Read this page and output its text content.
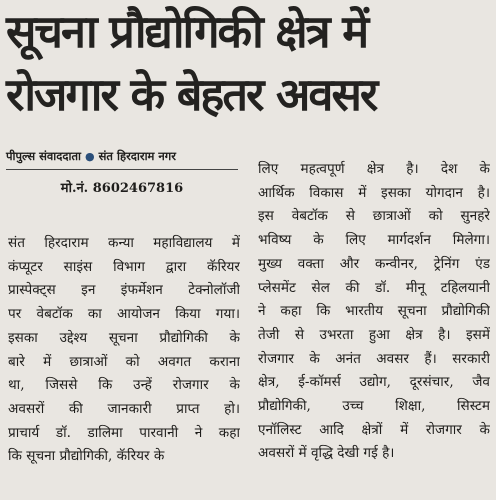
सूचना प्रौद्योगिकी क्षेत्र में
रोजगार के बेहतर अवसर
पीपुल्स संवाददाता ● संत हिरदाराम नगर
मो.नं. 8602467816
संत हिरदाराम कन्या महाविद्यालय में
कंप्यूटर साइंस विभाग द्वारा कॅरियर
प्रास्पेक्ट्स इन इंफर्मेशन टेक्नोलॉजी
पर वेबटॉक का आयोजन किया गया।
इसका उद्देश्य सूचना प्रौद्योगिकी के
बारे में छात्राओं को अवगत कराना
था, जिससे कि उन्हें रोजगार के
अवसरों की जानकारी प्राप्त हो।
प्राचार्य डॉ. डालिमा पारवानी ने कहा
कि सूचना प्रौद्योगिकी, कॅरियर के
लिए महत्वपूर्ण क्षेत्र है। देश के
आर्थिक विकास में इसका योगदान है।
इस वेबटॉक से छात्राओं को सुनहरे
भविष्य के लिए मार्गदर्शन मिलेगा।
मुख्य वक्ता और कन्वीनर, ट्रेनिंग एंड
प्लेसमेंट सेल की डॉ. मीनू टहिलयानी
ने कहा कि भारतीय सूचना प्रौद्योगिकी
तेजी से उभरता हुआ क्षेत्र है। इसमें
रोजगार के अनंत अवसर हैं। सरकारी
क्षेत्र, ई-कॉमर्स उद्योग, दूरसंचार, जैव
प्रौद्योगिकी, उच्च शिक्षा, सिस्टम
एनॉलिस्ट आदि क्षेत्रों में रोजगार के
अवसरों में वृद्धि देखी गई है।
